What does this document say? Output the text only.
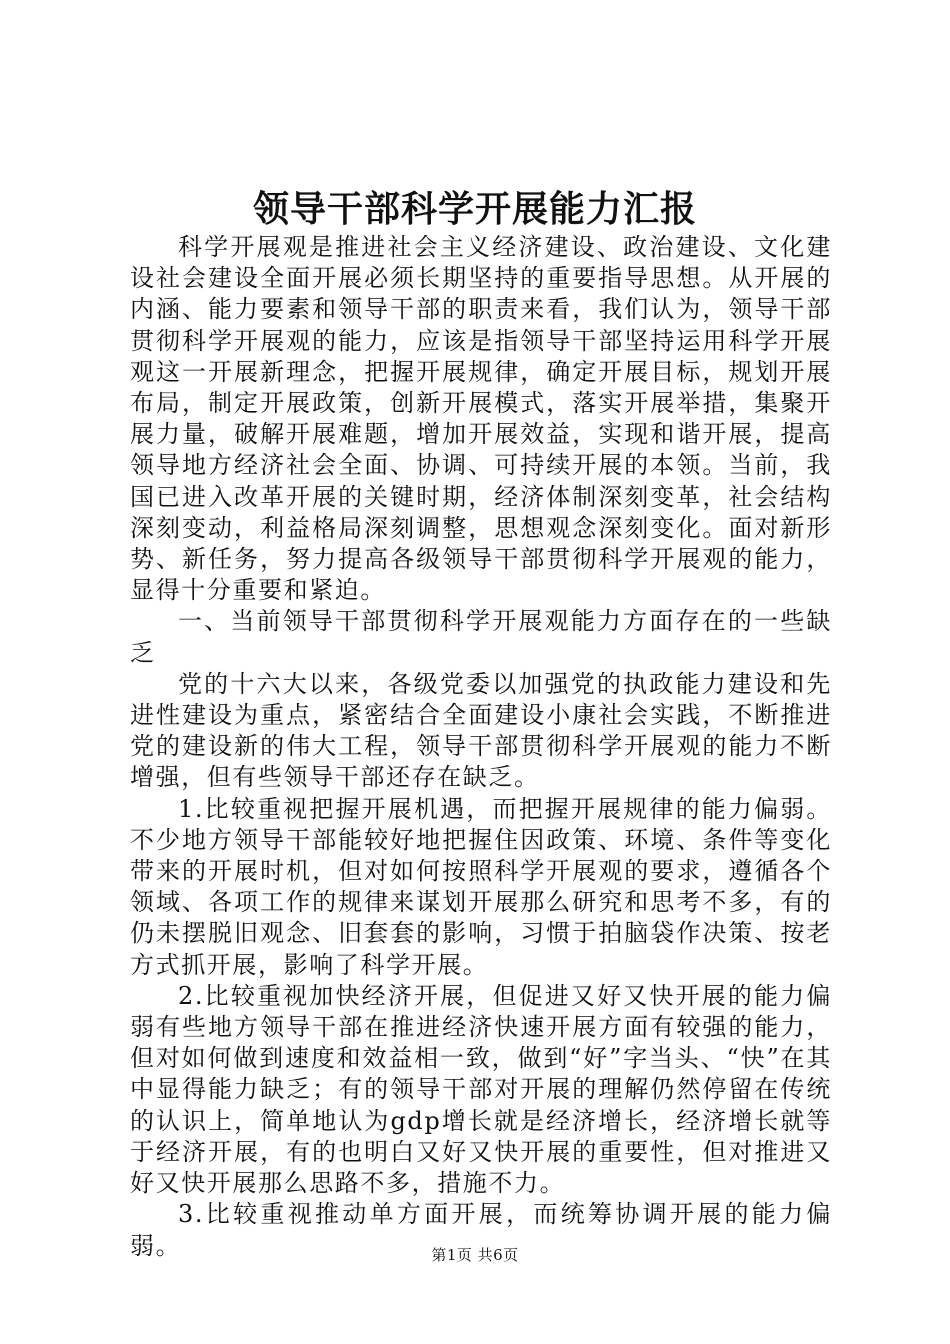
领导干部科学开展能力汇报

科学开展观是推进社会主义经济建设、政治建设、文化建设社会建设全面开展必须长期坚持的重要指导思想。从开展的内涵、能力要素和领导干部的职责来看，我们认为，领导干部贯彻科学开展观的能力，应该是指领导干部坚持运用科学开展观这一开展新理念，把握开展规律，确定开展目标，规划开展布局，制定开展政策，创新开展模式，落实开展举措，集聚开展力量，破解开展难题，增加开展效益，实现和谐开展，提高领导地方经济社会全面、协调、可持续开展的本领。当前，我国已进入改革开展的关键时期，经济体制深刻变革，社会结构深刻变动，利益格局深刻调整，思想观念深刻变化。面对新形势、新任务，努力提高各级领导干部贯彻科学开展观的能力，显得十分重要和紧迫。

一、当前领导干部贯彻科学开展观能力方面存在的一些缺乏

党的十六大以来，各级党委以加强党的执政能力建设和先进性建设为重点，紧密结合全面建设小康社会实践，不断推进党的建设新的伟大工程，领导干部贯彻科学开展观的能力不断增强，但有些领导干部还存在缺乏。

1.比较重视把握开展机遇，而把握开展规律的能力偏弱。不少地方领导干部能较好地把握住因政策、环境、条件等变化带来的开展时机，但对如何按照科学开展观的要求，遵循各个领域、各项工作的规律来谋划开展那么研究和思考不多，有的仍未摆脱旧观念、旧套套的影响，习惯于拍脑袋作决策、按老方式抓开展，影响了科学开展。

2.比较重视加快经济开展，但促进又好又快开展的能力偏弱有些地方领导干部在推进经济快速开展方面有较强的能力，但对如何做到速度和效益相一致，做到“好”字当头、“快”在其中显得能力缺乏；有的领导干部对开展的理解仍然停留在传统的认识上，简单地认为gdp增长就是经济增长，经济增长就等于经济开展，有的也明白又好又快开展的重要性，但对推进又好又快开展那么思路不多，措施不力。

3.比较重视推动单方面开展，而统筹协调开展的能力偏弱。	第1页 共6页
